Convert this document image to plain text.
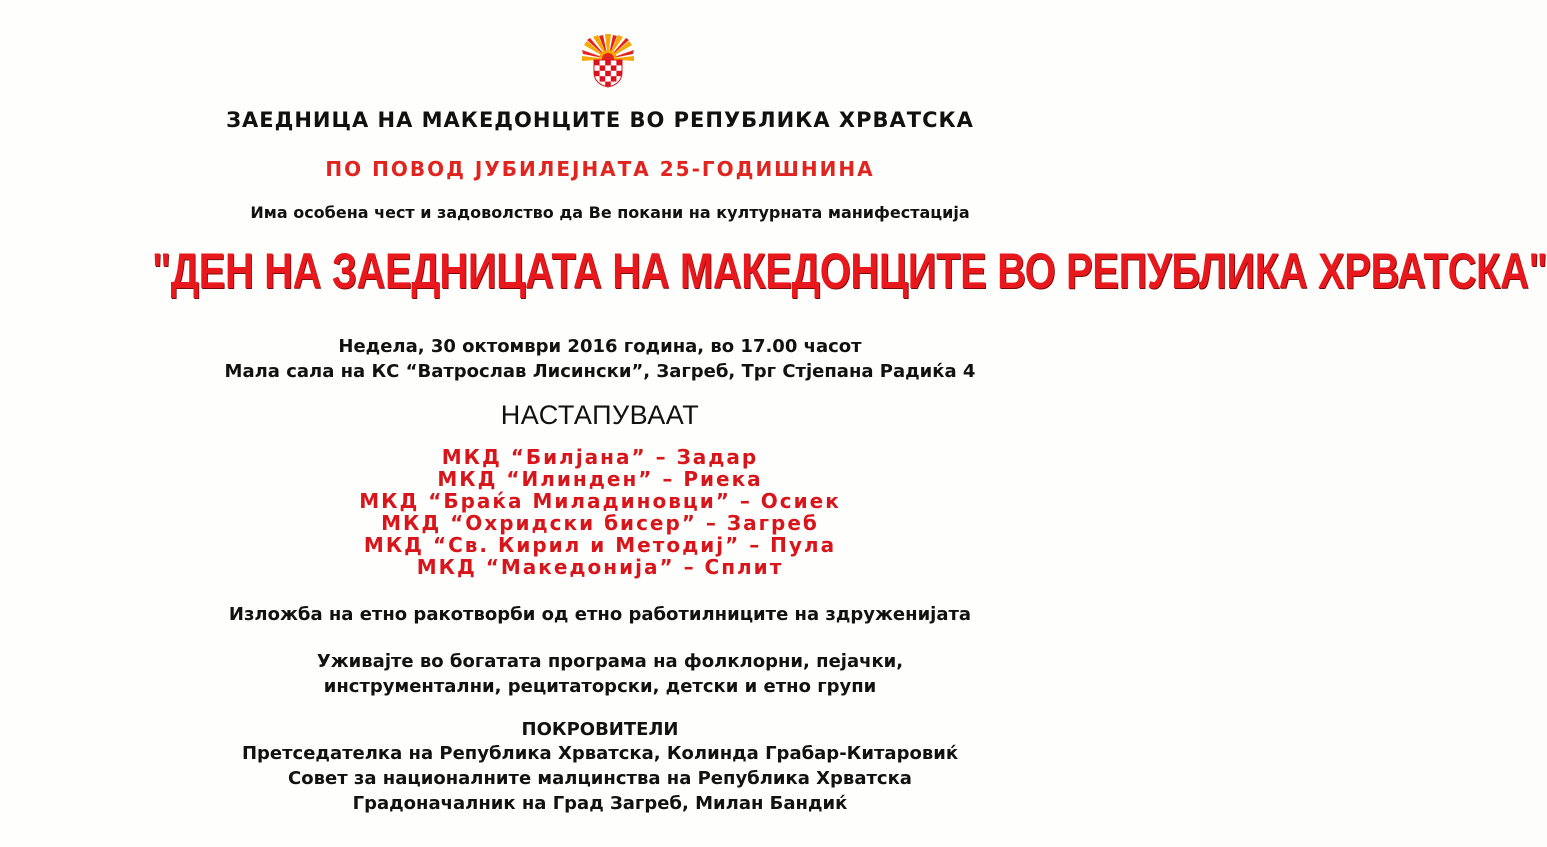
ЗАЕДНИЦА НА МАКЕДОНЦИТЕ ВО РЕПУБЛИКА ХРВАТСКА
ПО ПОВОД ЈУБИЛЕЈНАТА 25-ГОДИШНИНА
Има особена чест и задоволство да Ве покани на културната манифестација
"ДЕН НА ЗАЕДНИЦАТА НА МАКЕДОНЦИТЕ ВО РЕПУБЛИКА ХРВАТСКА"
Недела, 30 октомври 2016 година, во 17.00 часот
Мала сала на КС “Ватрослав Лисински”, Загреб, Трг Стјепана Радиќа 4
НАСТАПУВААТ
МКД “Билјана” – Задар
МКД “Илинден” – Риека
МКД “Браќа Миладиновци” – Осиек
МКД “Охридски бисер” – Загреб
МКД “Св. Кирил и Методиј” – Пула
МКД “Македонија” – Сплит
Изложба на етно ракотворби од етно работилниците на здруженијата
Уживајте во богатата програма на фолклорни, пејачки,
инструментални, рецитаторски, детски и етно групи
ПОКРОВИТЕЛИ
Претседателка на Република Хрватска, Колинда Грабар-Китаровиќ
Совет за националните малцинства на Република Хрватска
Градоначалник на Град Загреб, Милан Бандиќ
